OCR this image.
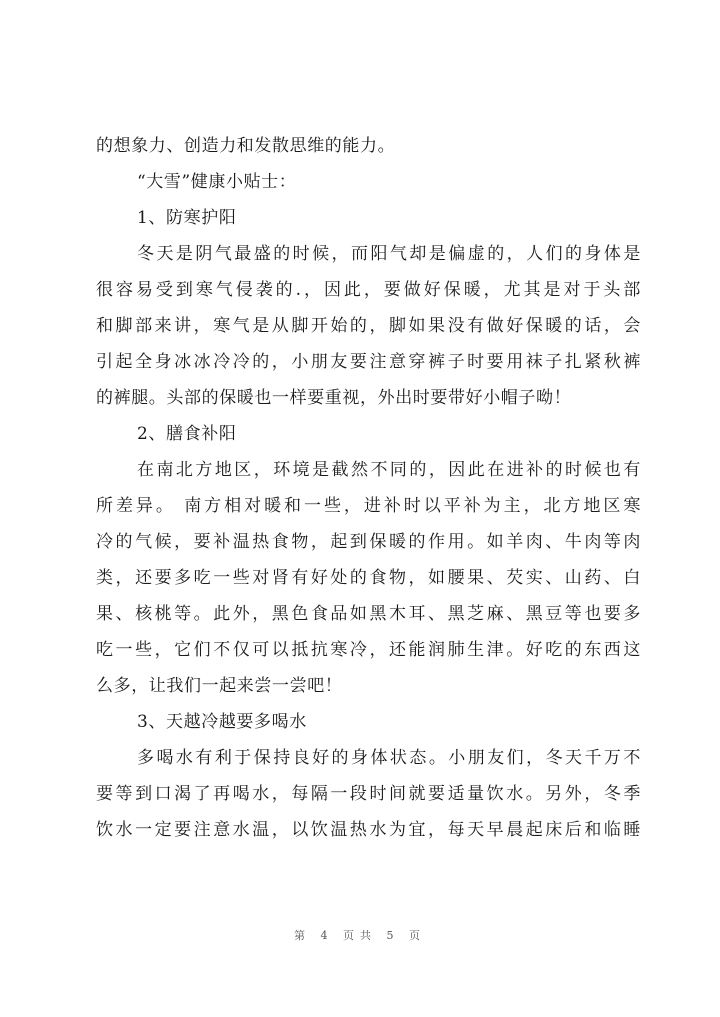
的想象力、创造力和发散思维的能力。
“大雪”健康小贴士：
1、防寒护阳
冬天是阴气最盛的时候，而阳气却是偏虚的，人们的身体是
很容易受到寒气侵袭的.，因此，要做好保暖，尤其是对于头部
和脚部来讲，寒气是从脚开始的，脚如果没有做好保暖的话，会
引起全身冰冰冷冷的，小朋友要注意穿裤子时要用袜子扎紧秋裤
的裤腿。头部的保暖也一样要重视，外出时要带好小帽子呦！
2、膳食补阳
在南北方地区，环境是截然不同的，因此在进补的时候也有
所差异。 南方相对暖和一些，进补时以平补为主，北方地区寒
冷的气候，要补温热食物，起到保暖的作用。如羊肉、牛肉等肉
类，还要多吃一些对肾有好处的食物，如腰果、芡实、山药、白
果、核桃等。此外，黑色食品如黑木耳、黑芝麻、黑豆等也要多
吃一些，它们不仅可以抵抗寒冷，还能润肺生津。好吃的东西这
么多，让我们一起来尝一尝吧！
3、天越冷越要多喝水
多喝水有利于保持良好的身体状态。小朋友们，冬天千万不
要等到口渴了再喝水，每隔一段时间就要适量饮水。另外，冬季
饮水一定要注意水温，以饮温热水为宜，每天早晨起床后和临睡
第 4 页共 5 页
